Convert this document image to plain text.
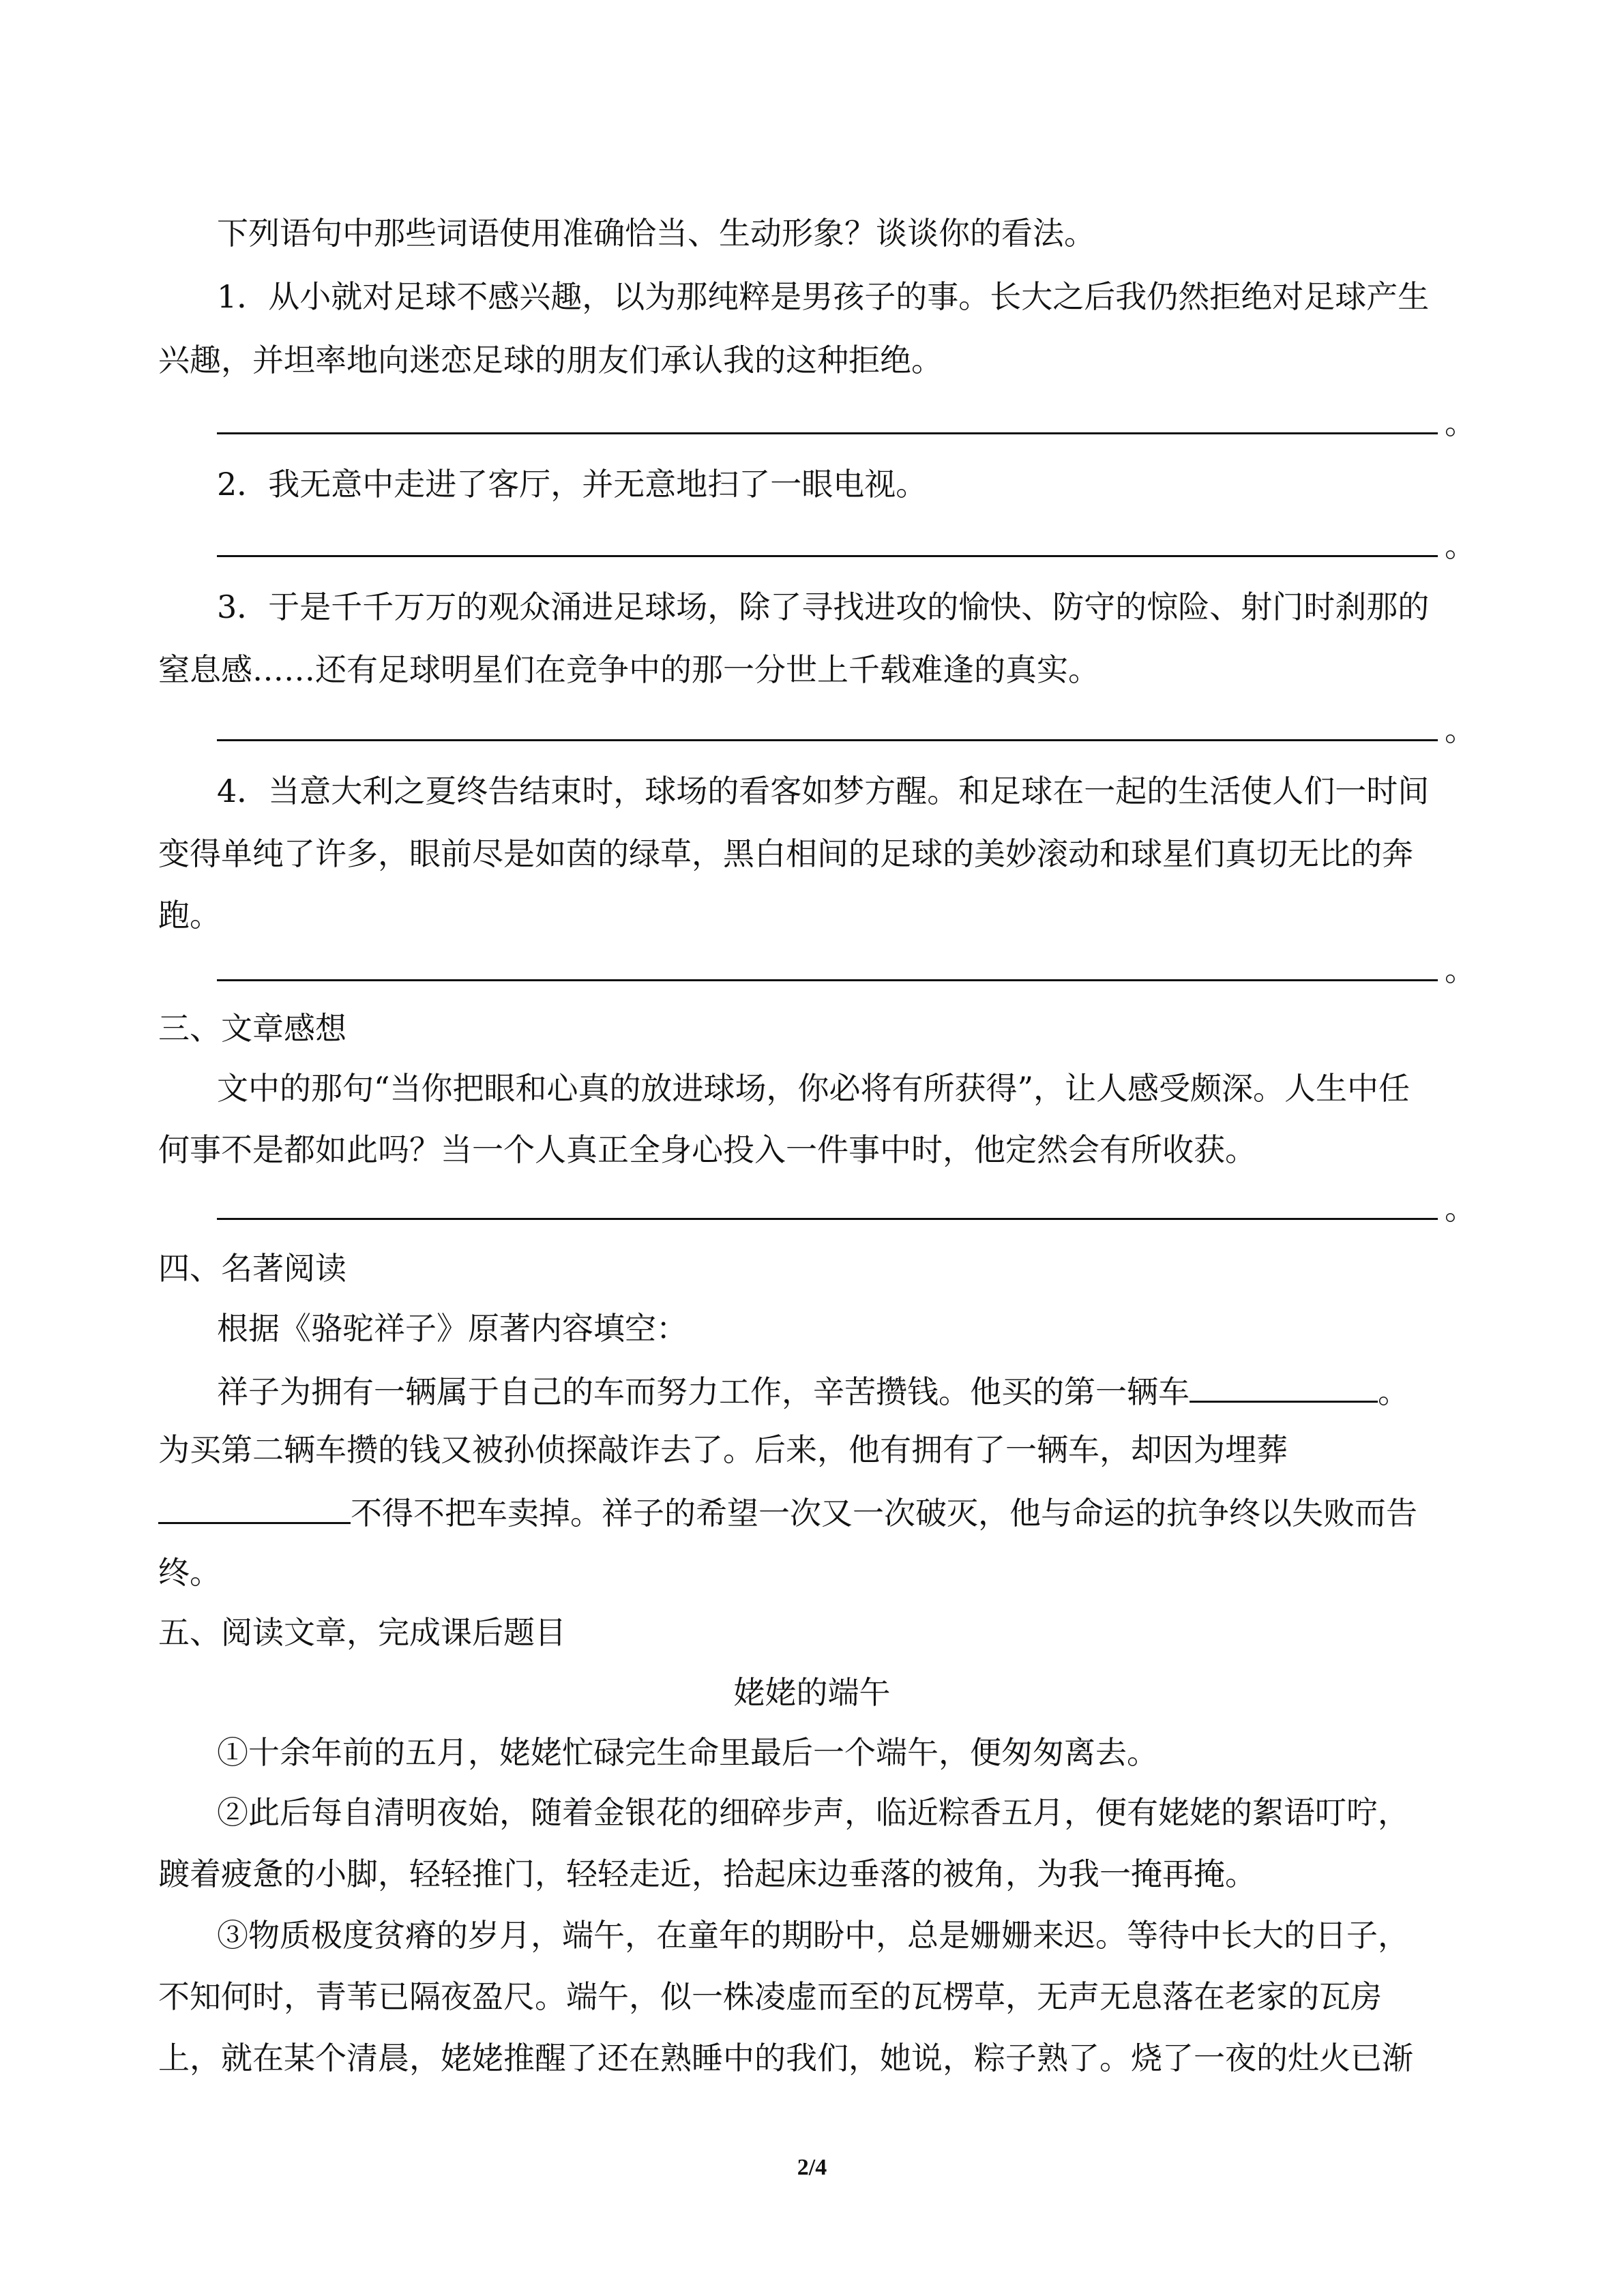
下列语句中那些词语使用准确恰当、生动形象？谈谈你的看法。
1．从小就对足球不感兴趣，以为那纯粹是男孩子的事。长大之后我仍然拒绝对足球产生
兴趣，并坦率地向迷恋足球的朋友们承认我的这种拒绝。
。
2．我无意中走进了客厅，并无意地扫了一眼电视。
。
3．于是千千万万的观众涌进足球场，除了寻找进攻的愉快、防守的惊险、射门时刹那的
窒息感……还有足球明星们在竞争中的那一分世上千载难逢的真实。
。
4．当意大利之夏终告结束时，球场的看客如梦方醒。和足球在一起的生活使人们一时间
变得单纯了许多，眼前尽是如茵的绿草，黑白相间的足球的美妙滚动和球星们真切无比的奔
跑。
。
三、文章感想
文中的那句“当你把眼和心真的放进球场，你必将有所获得”，让人感受颇深。人生中任
何事不是都如此吗？当一个人真正全身心投入一件事中时，他定然会有所收获。
。
四、名著阅读
根据《骆驼祥子》原著内容填空：
祥子为拥有一辆属于自己的车而努力工作，辛苦攒钱。他买的第一辆车	。
为买第二辆车攒的钱又被孙侦探敲诈去了。后来，他有拥有了一辆车，却因为埋葬
不得不把车卖掉。祥子的希望一次又一次破灭，他与命运的抗争终以失败而告
终。
五、阅读文章，完成课后题目
姥姥的端午
①十余年前的五月，姥姥忙碌完生命里最后一个端午，便匆匆离去。
②此后每自清明夜始，随着金银花的细碎步声，临近粽香五月，便有姥姥的絮语叮咛，
踱着疲惫的小脚，轻轻推门，轻轻走近，拾起床边垂落的被角，为我一掩再掩。
③物质极度贫瘠的岁月，端午，在童年的期盼中，总是姗姗来迟。等待中长大的日子，
不知何时，青苇已隔夜盈尺。端午，似一株凌虚而至的瓦楞草，无声无息落在老家的瓦房
上，就在某个清晨，姥姥推醒了还在熟睡中的我们，她说，粽子熟了。烧了一夜的灶火已渐
2/4
